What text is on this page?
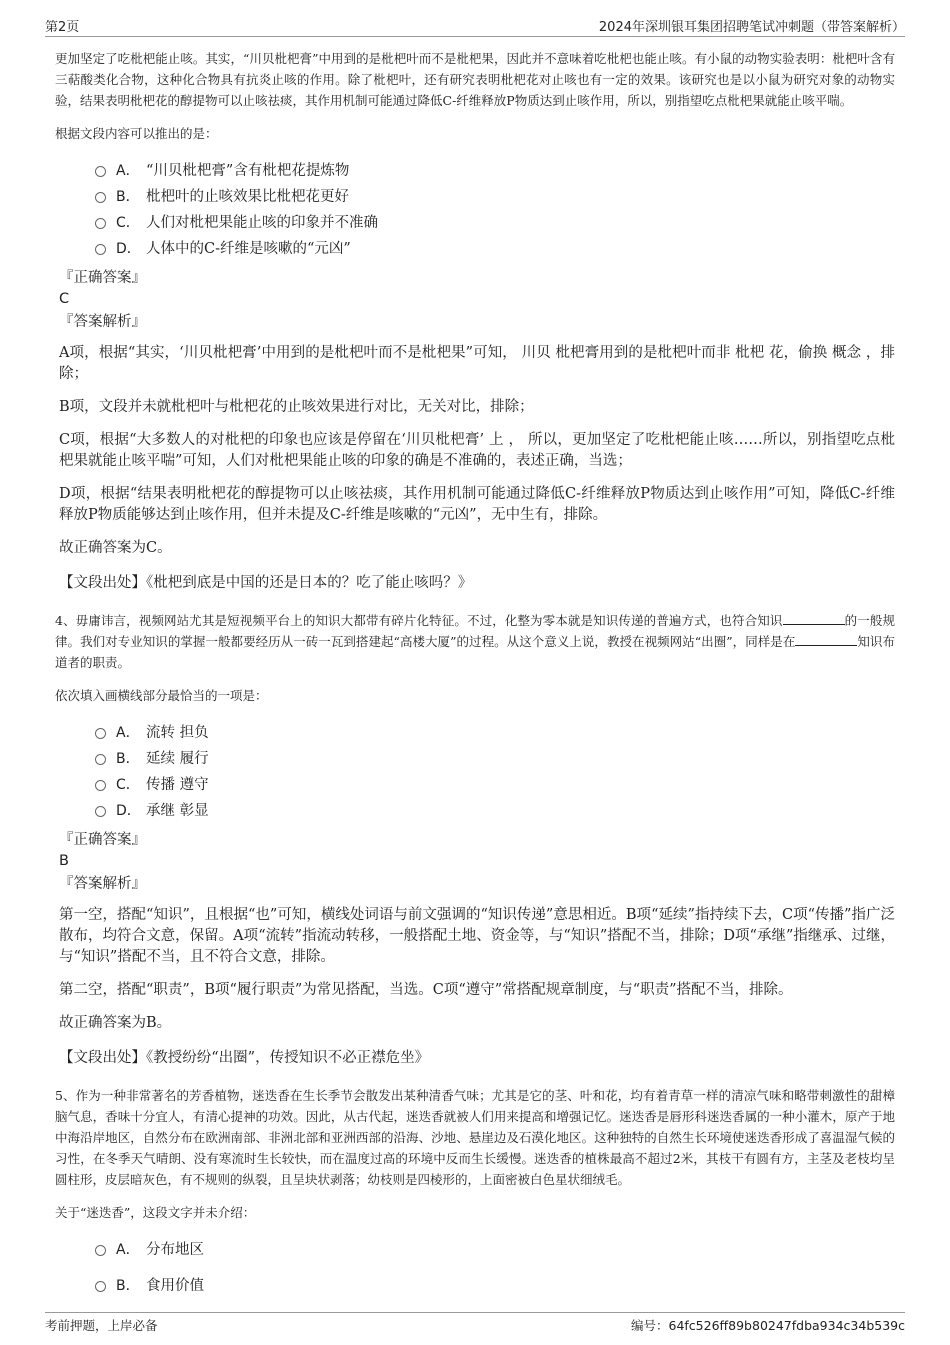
第2页	2024年深圳银耳集团招聘笔试冲刺题（带答案解析）

更加坚定了吃枇杷能止咳。其实，“川贝枇杷膏”中用到的是枇杷叶而不是枇杷果，因此并不意味着吃枇杷也能止咳。有小鼠的动物实验表明：枇杷叶含有三萜酸类化合物，这种化合物具有抗炎止咳的作用。除了枇杷叶，还有研究表明枇杷花对止咳也有一定的效果。该研究也是以小鼠为研究对象的动物实验，结果表明枇杷花的醇提物可以止咳祛痰，其作用机制可能通过降低C-纤维释放P物质达到止咳作用，所以，别指望吃点枇杷果就能止咳平喘。

根据文段内容可以推出的是：

A． “川贝枇杷膏”含有枇杷花提炼物
B． 枇杷叶的止咳效果比枇杷花更好
C． 人们对枇杷果能止咳的印象并不准确
D． 人体中的C-纤维是咳嗽的“元凶”
『正确答案』
C
『答案解析』
A项，根据“其实，‘川贝枇杷膏’中用到的是枇杷叶而不是枇杷果”可知， 川贝 枇杷膏用到的是枇杷叶而非 枇杷 花，偷换 概念 ，排除；
B项，文段并未就枇杷叶与枇杷花的止咳效果进行对比，无关对比，排除；
C项，根据“大多数人的对枇杷的印象也应该是停留在‘川贝枇杷膏’ 上 ， 所以，更加坚定了吃枇杷能止咳……所以，别指望吃点枇杷果就能止咳平喘”可知，人们对枇杷果能止咳的印象的确是不准确的，表述正确，当选；
D项，根据“结果表明枇杷花的醇提物可以止咳祛痰，其作用机制可能通过降低C-纤维释放P物质达到止咳作用”可知，降低C-纤维释放P物质能够达到止咳作用，但并未提及C-纤维是咳嗽的“元凶”，无中生有，排除。
故正确答案为C。
【文段出处】《枇杷到底是中国的还是日本的？吃了能止咳吗？》

4、毋庸讳言，视频网站尤其是短视频平台上的知识大都带有碎片化特征。不过，化整为零本就是知识传递的普遍方式，也符合知识	的一般规律。我们对专业知识的掌握一般都要经历从一砖一瓦到搭建起“高楼大厦”的过程。从这个意义上说，教授在视频网站“出圈”，同样是在	知识布道者的职责。

依次填入画横线部分最恰当的一项是：

A． 流转 担负
B． 延续 履行
C． 传播 遵守
D． 承继 彰显
『正确答案』
B
『答案解析』
第一空，搭配“知识”，且根据“也”可知，横线处词语与前文强调的“知识传递”意思相近。B项“延续”指持续下去，C项“传播”指广泛散布，均符合文意，保留。A项“流转”指流动转移，一般搭配土地、资金等，与“知识”搭配不当，排除；D项“承继”指继承、过继，与“知识”搭配不当，且不符合文意，排除。
第二空，搭配“职责”，B项“履行职责”为常见搭配，当选。C项“遵守”常搭配规章制度，与“职责”搭配不当，排除。
故正确答案为B。
【文段出处】《教授纷纷“出圈”，传授知识不必正襟危坐》

5、作为一种非常著名的芳香植物，迷迭香在生长季节会散发出某种清香气味；尤其是它的茎、叶和花，均有着青草一样的清凉气味和略带刺激性的甜樟脑气息，香味十分宜人，有清心提神的功效。因此，从古代起，迷迭香就被人们用来提高和增强记忆。迷迭香是唇形科迷迭香属的一种小灌木，原产于地中海沿岸地区，自然分布在欧洲南部、非洲北部和亚洲西部的沿海、沙地、悬崖边及石漠化地区。这种独特的自然生长环境使迷迭香形成了喜温湿气候的习性，在冬季天气晴朗、没有寒流时生长较快，而在温度过高的环境中反而生长缓慢。迷迭香的植株最高不超过2米，其枝干有圆有方，主茎及老枝均呈圆柱形，皮层暗灰色，有不规则的纵裂，且呈块状剥落；幼枝则是四棱形的，上面密被白色星状细绒毛。

关于“迷迭香”，这段文字并未介绍：

A． 分布地区
B． 食用价值
考前押题，上岸必备	编号：64fc526ff89b80247fdba934c34b539c
